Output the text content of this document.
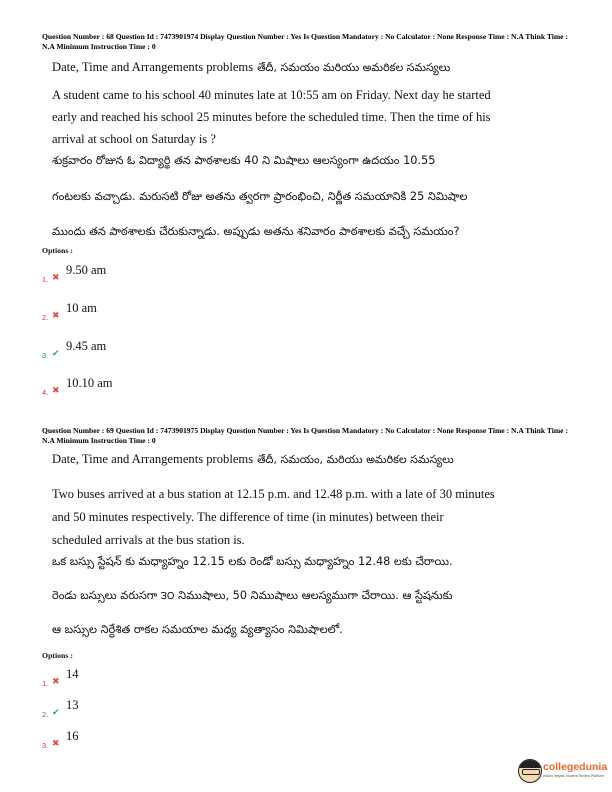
Question Number : 68 Question Id : 7473901974 Display Question Number : Yes Is Question Mandatory : No Calculator : None Response Time : N.A Think Time : N.A Minimum Instruction Time : 0
Date, Time and Arrangements problems తేదీ, సమయం మరియు అమరికల సమస్యలు
A student came to his school 40 minutes late at 10:55 am on Friday. Next day he started
early and reached his school 25 minutes before the scheduled time. Then the time of his
arrival at school on Saturday is ?
శుక్రవారం రోజున ఓ విద్యార్థి తన పాఠశాలకు 40 ని మిషాలు ఆలస్యంగా ఉదయం 10.55
గంటలకు వచ్చాడు. మరుసటి రోజు అతను త్వరగా ప్రారంభించి, నిర్ణీత సమయానికి 25 నిమిషాల
ముందు తన పాఠశాలకు చేరుకున్నాడు. అప్పుడు అతను శనివారం పాఠశాలకు వచ్చే సమయం?
Options :
1. ✖
9.50 am
2. ✖
10 am
3. ✔
9.45 am
4. ✖
10.10 am
Question Number : 69 Question Id : 7473901975 Display Question Number : Yes Is Question Mandatory : No Calculator : None Response Time : N.A Think Time : N.A Minimum Instruction Time : 0
Date, Time and Arrangements problems తేదీ, సమయం, మరియు అమరికల సమస్యలు
Two buses arrived at a bus station at 12.15 p.m. and 12.48 p.m. with a late of 30 minutes
and 50 minutes respectively. The difference of time (in minutes) between their
scheduled arrivals at the bus station is.
ఒక బస్సు స్టేషన్ కు మధ్యాహ్నం 12.15 లకు రెండో బస్సు మధ్యాహ్నం 12.48 లకు చేరాయి.
రెండు బస్సులు వరుసగా ౩౦ నిముషాలు, 50 నిముషాలు ఆలస్యముగా చేరాయి. ఆ స్టేషనుకు
ఆ బస్సుల నిర్ధేశిత రాకల సమయాల మధ్య వ్యత్యాసం నిమిషాలలో.
Options :
1. ✖
14
2. ✔
13
3. ✖
16
collegedunia
India's largest Student Review Platform
